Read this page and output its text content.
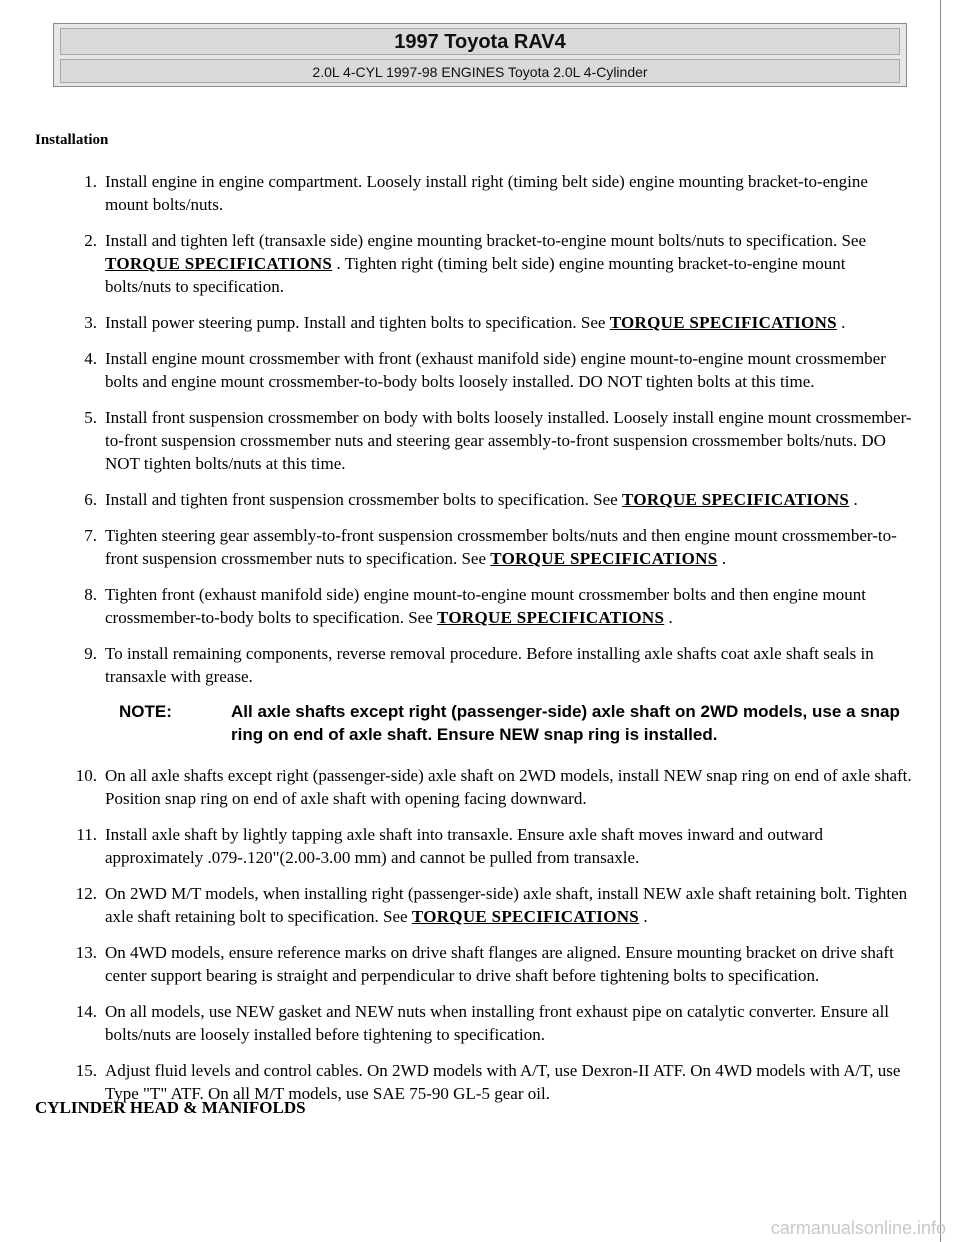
1997 Toyota RAV4
2.0L 4-CYL 1997-98 ENGINES Toyota 2.0L 4-Cylinder
Installation
1. Install engine in engine compartment. Loosely install right (timing belt side) engine mounting bracket-to-engine mount bolts/nuts.
2. Install and tighten left (transaxle side) engine mounting bracket-to-engine mount bolts/nuts to specification. See TORQUE SPECIFICATIONS . Tighten right (timing belt side) engine mounting bracket-to-engine mount bolts/nuts to specification.
3. Install power steering pump. Install and tighten bolts to specification. See TORQUE SPECIFICATIONS .
4. Install engine mount crossmember with front (exhaust manifold side) engine mount-to-engine mount crossmember bolts and engine mount crossmember-to-body bolts loosely installed. DO NOT tighten bolts at this time.
5. Install front suspension crossmember on body with bolts loosely installed. Loosely install engine mount crossmember-to-front suspension crossmember nuts and steering gear assembly-to-front suspension crossmember bolts/nuts. DO NOT tighten bolts/nuts at this time.
6. Install and tighten front suspension crossmember bolts to specification. See TORQUE SPECIFICATIONS .
7. Tighten steering gear assembly-to-front suspension crossmember bolts/nuts and then engine mount crossmember-to-front suspension crossmember nuts to specification. See TORQUE SPECIFICATIONS .
8. Tighten front (exhaust manifold side) engine mount-to-engine mount crossmember bolts and then engine mount crossmember-to-body bolts to specification. See TORQUE SPECIFICATIONS .
9. To install remaining components, reverse removal procedure. Before installing axle shafts coat axle shaft seals in transaxle with grease.
NOTE:	All axle shafts except right (passenger-side) axle shaft on 2WD models, use a snap ring on end of axle shaft. Ensure NEW snap ring is installed.
10. On all axle shafts except right (passenger-side) axle shaft on 2WD models, install NEW snap ring on end of axle shaft. Position snap ring on end of axle shaft with opening facing downward.
11. Install axle shaft by lightly tapping axle shaft into transaxle. Ensure axle shaft moves inward and outward approximately .079-.120"(2.00-3.00 mm) and cannot be pulled from transaxle.
12. On 2WD M/T models, when installing right (passenger-side) axle shaft, install NEW axle shaft retaining bolt. Tighten axle shaft retaining bolt to specification. See TORQUE SPECIFICATIONS .
13. On 4WD models, ensure reference marks on drive shaft flanges are aligned. Ensure mounting bracket on drive shaft center support bearing is straight and perpendicular to drive shaft before tightening bolts to specification.
14. On all models, use NEW gasket and NEW nuts when installing front exhaust pipe on catalytic converter. Ensure all bolts/nuts are loosely installed before tightening to specification.
15. Adjust fluid levels and control cables. On 2WD models with A/T, use Dexron-II ATF. On 4WD models with A/T, use Type "T" ATF. On all M/T models, use SAE 75-90 GL-5 gear oil.
CYLINDER HEAD & MANIFOLDS
carmanualsonline.info
